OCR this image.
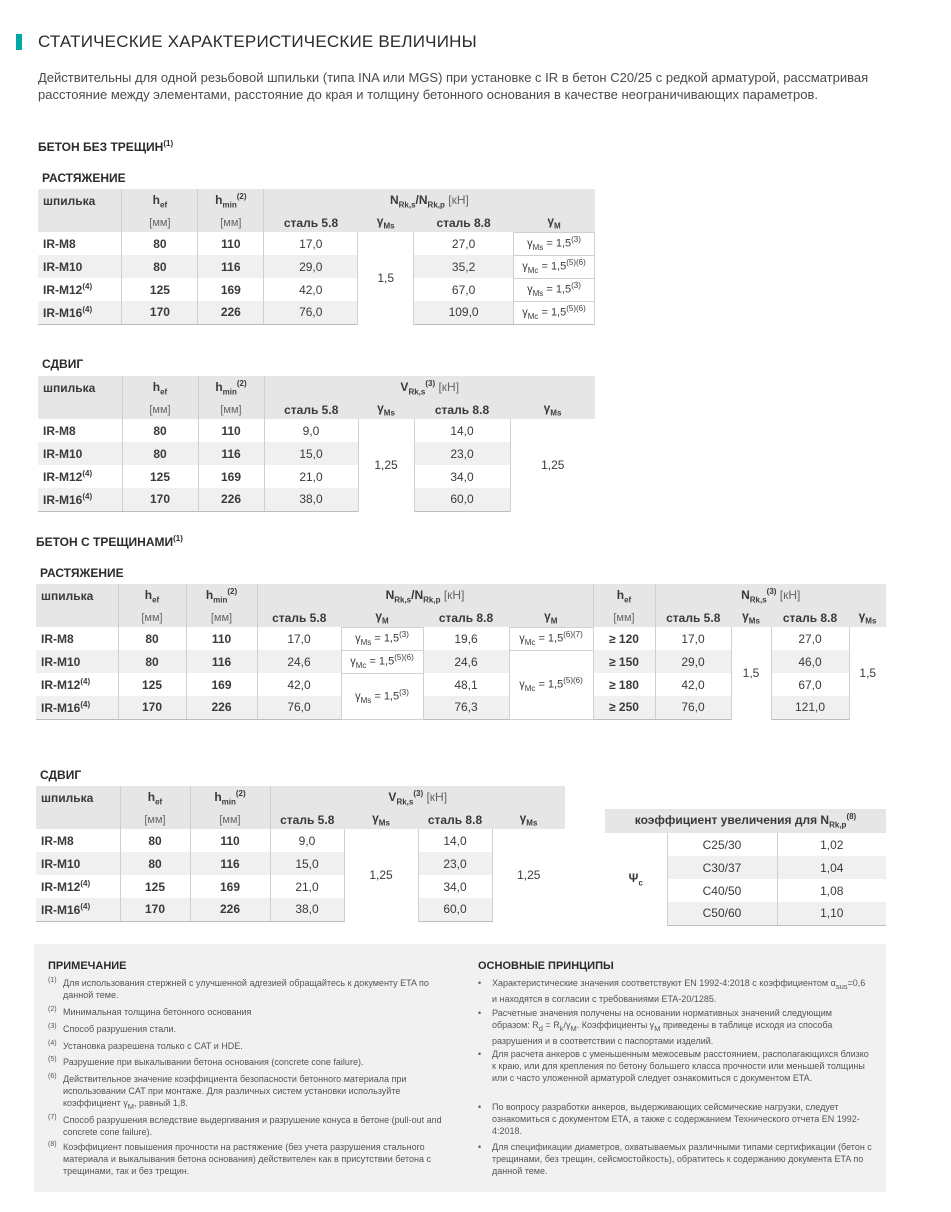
СТАТИЧЕСКИЕ ХАРАКТЕРИСТИЧЕСКИЕ ВЕЛИЧИНЫ
Действительны для одной резьбовой шпильки (типа INA или MGS) при установке с IR в бетон C20/25 с редкой арматурой, рассматривая расстояние между элементами, расстояние до края и толщину бетонного основания в качестве неограничивающих параметров.
БЕТОН БЕЗ ТРЕЩИН$^{(1)}$
РАСТЯЖЕНИЕ
шпилька	$h_{ef}$	$h_{min}^{(2)}$	$N_{Rk,s}/N_{Rk,p}$ [кН]			
	[мм]	[мм]	сталь 5.8	$\gamma_{Ms}$	сталь 8.8	$\gamma_M$
IR-M8	80	110	17,0	1,5	27,0	$\gamma_{Ms} = 1,5^{(3)}$
IR-M10	80	116	29,0		35,2	$\gamma_{Mc} = 1,5^{(5)(6)}$
IR-M12$^{(4)}$	125	169	42,0		67,0	$\gamma_{Ms} = 1,5^{(3)}$
IR-M16$^{(4)}$	170	226	76,0		109,0	$\gamma_{Mc} = 1,5^{(5)(6)}$
СДВИГ
шпилька	$h_{ef}$	$h_{min}^{(2)}$	$V_{Rk,s}^{(3)}$ [кН]			
	[мм]	[мм]	сталь 5.8	$\gamma_{Ms}$	сталь 8.8	$\gamma_{Ms}$
IR-M8	80	110	9,0	1,25	14,0	1,25
IR-M10	80	116	15,0		23,0	
IR-M12$^{(4)}$	125	169	21,0		34,0	
IR-M16$^{(4)}$	170	226	38,0		60,0	
БЕТОН С ТРЕЩИНАМИ$^{(1)}$
РАСТЯЖЕНИЕ
шпилька	$h_{ef}$	$h_{min}^{(2)}$	$N_{Rk,s}/N_{Rk,p}$ [кН]				$h_{ef}$	$N_{Rk,s}^{(3)}$ [кН]			
	[мм]	[мм]	сталь 5.8	$\gamma_M$	сталь 8.8	$\gamma_M$	[мм]	сталь 5.8	$\gamma_{Ms}$	сталь 8.8	$\gamma_{Ms}$
IR-M8	80	110	17,0	$\gamma_{Ms} = 1,5^{(3)}$	19,6	$\gamma_{Mc} = 1,5^{(6)(7)}$	≥ 120	17,0	1,5	27,0	1,5
IR-M10	80	116	24,6	$\gamma_{Mc} = 1,5^{(5)(6)}$	24,6	$\gamma_{Mc} = 1,5^{(5)(6)}$	≥ 150	29,0		46,0	
IR-M12$^{(4)}$	125	169	42,0	$\gamma_{Ms} = 1,5^{(3)}$	48,1		≥ 180	42,0		67,0	
IR-M16$^{(4)}$	170	226	76,0		76,3		≥ 250	76,0		121,0	
СДВИГ
шпилька	$h_{ef}$	$h_{min}^{(2)}$	$V_{Rk,s}^{(3)}$ [кН]			
	[мм]	[мм]	сталь 5.8	$\gamma_{Ms}$	сталь 8.8	$\gamma_{Ms}$
IR-M8	80	110	9,0	1,25	14,0	1,25
IR-M10	80	116	15,0		23,0	
IR-M12$^{(4)}$	125	169	21,0		34,0	
IR-M16$^{(4)}$	170	226	38,0		60,0	
коэффициент увеличения для $N_{Rk,p}^{(8)}$
$\Psi_c$	C25/30	1,02
	C30/37	1,04
	C40/50	1,08
	C50/60	1,10
ПРИМЕЧАНИЕ
(1) Для использования стержней с улучшенной адгезией обращайтесь к документу ETA по данной теме.
(2) Минимальная толщина бетонного основания
(3) Способ разрушения стали.
(4) Установка разрешена только с CAT и HDE.
(5) Разрушение при выкалывании бетона основания (concrete cone failure).
(6) Действительное значение коэффициента безопасности бетонного материала при использовании CAT при монтаже. Для различных систем установки используйте коэффициент $\gamma_M$, равный 1,8.
(7) Способ разрушения вследствие выдергивания и разрушение конуса в бетоне (pull-out and concrete cone failure).
(8) Коэффициент повышения прочности на растяжение (без учета разрушения стального материала и выкалывания бетона основания) действителен как в присутствии бетона с трещинами, так и без трещин.
ОСНОВНЫЕ ПРИНЦИПЫ
• Характеристические значения соответствуют EN 1992-4:2018 с коэффициентом $\alpha_{sus}=0,6$ и находятся в согласии с требованиями ETA-20/1285.
• Расчетные значения получены на основании нормативных значений следующим образом: $R_d = R_k/\gamma_M$. Коэффициенты $\gamma_M$ приведены в таблице исходя из способа разрушения и в соответствии с паспортами изделий.
• Для расчета анкеров с уменьшенным межосевым расстоянием, располагающихся близко к краю, или для крепления по бетону большего класса прочности или меньшей толщины или с часто уложенной арматурой следует ознакомиться с документом ETA.
• По вопросу разработки анкеров, выдерживающих сейсмические нагрузки, следует ознакомиться с документом ETA, а также с содержанием Технического отчета EN 1992-4:2018.
• Для спецификации диаметров, охватываемых различными типами сертификации (бетон с трещинами, без трещин, сейсмостойкость), обратитесь к содержанию документа ETA по данной теме.
